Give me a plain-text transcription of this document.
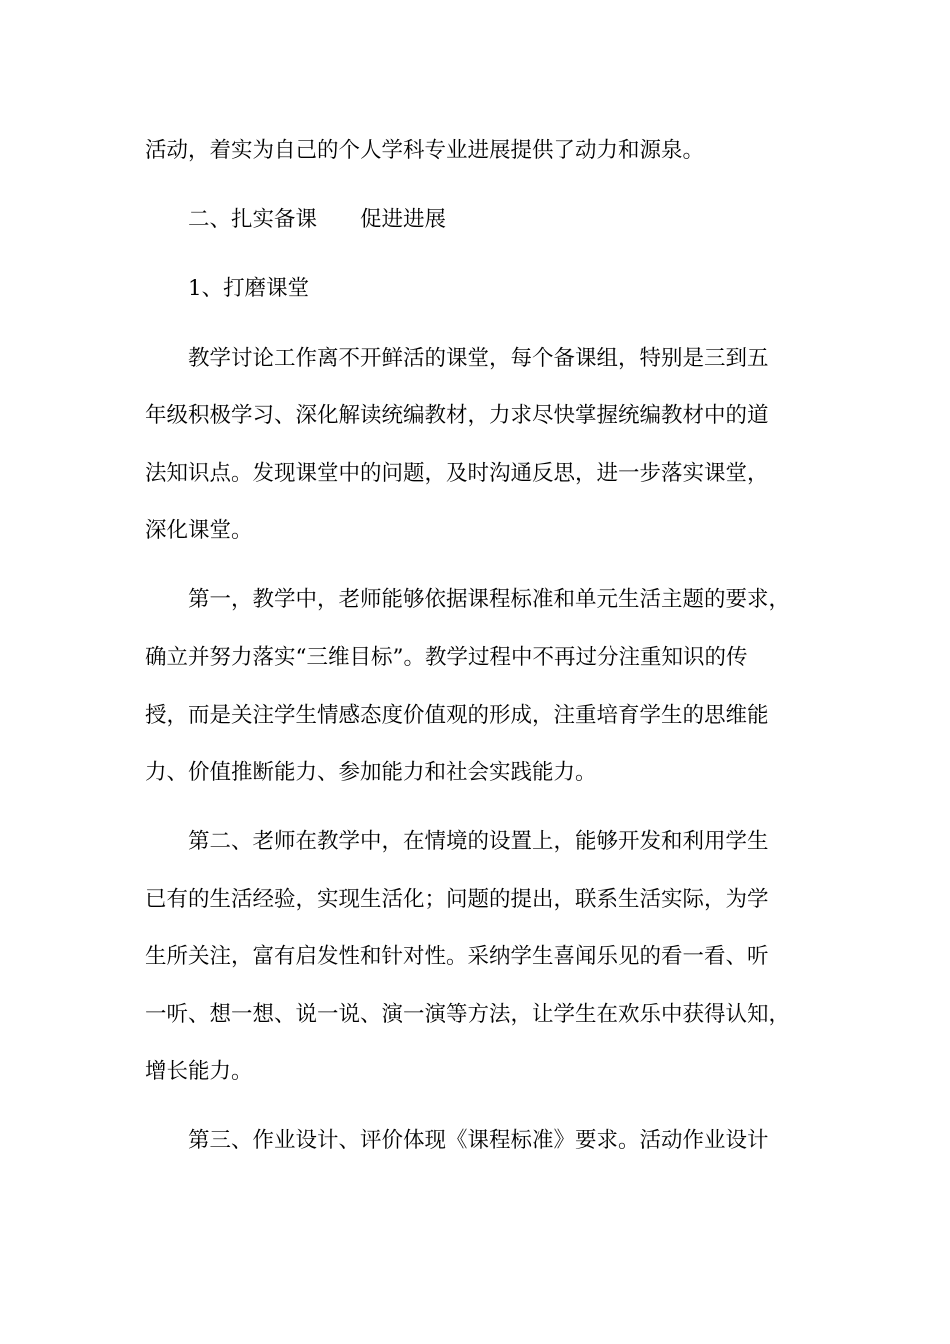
活动，着实为自己的个人学科专业进展提供了动力和源泉。
二、扎实备课　　促进进展
1、打磨课堂
教学讨论工作离不开鲜活的课堂，每个备课组，特别是三到五
年级积极学习、深化解读统编教材，力求尽快掌握统编教材中的道
法知识点。发现课堂中的问题，及时沟通反思，进一步落实课堂，
深化课堂。
第一，教学中，老师能够依据课程标准和单元生活主题的要求，
确立并努力落实“三维目标”。教学过程中不再过分注重知识的传
授，而是关注学生情感态度价值观的形成，注重培育学生的思维能
力、价值推断能力、参加能力和社会实践能力。
第二、老师在教学中，在情境的设置上，能够开发和利用学生
已有的生活经验，实现生活化；问题的提出，联系生活实际，为学
生所关注，富有启发性和针对性。采纳学生喜闻乐见的看一看、听
一听、想一想、说一说、演一演等方法，让学生在欢乐中获得认知，
增长能力。
第三、作业设计、评价体现《课程标准》要求。活动作业设计
